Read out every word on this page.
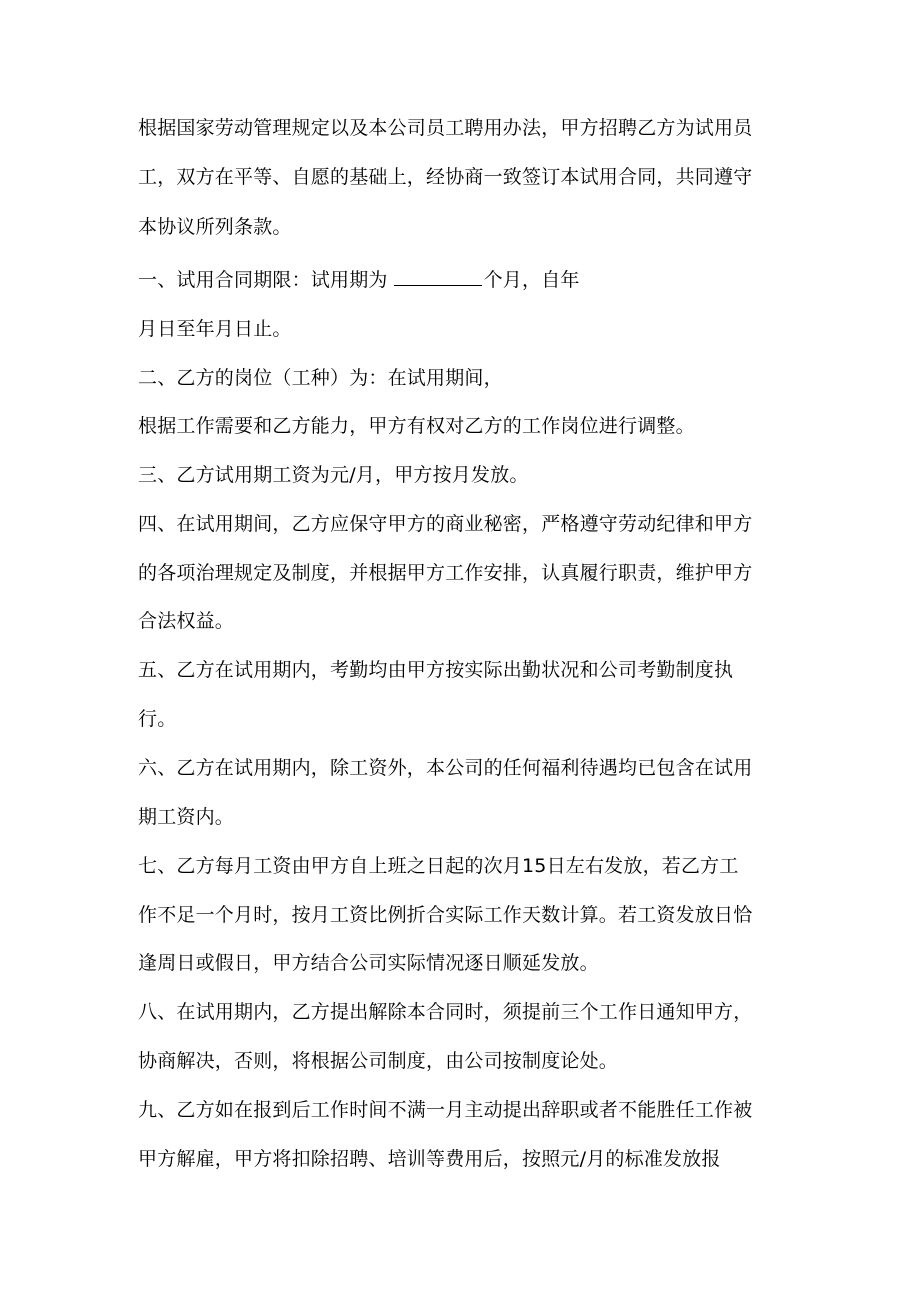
根据国家劳动管理规定以及本公司员工聘用办法，甲方招聘乙方为试用员
工，双方在平等、自愿的基础上，经协商一致签订本试用合同，共同遵守
本协议所列条款。
一、试用合同期限：试用期为	个月，自年
月日至年月日止。
二、乙方的岗位（工种）为：在试用期间，
根据工作需要和乙方能力，甲方有权对乙方的工作岗位进行调整。
三、乙方试用期工资为元/月，甲方按月发放。
四、在试用期间，乙方应保守甲方的商业秘密，严格遵守劳动纪律和甲方
的各项治理规定及制度，并根据甲方工作安排，认真履行职责，维护甲方
合法权益。
五、乙方在试用期内，考勤均由甲方按实际出勤状况和公司考勤制度执
行。
六、乙方在试用期内，除工资外，本公司的任何福利待遇均已包含在试用
期工资内。
七、乙方每月工资由甲方自上班之日起的次月15日左右发放，若乙方工
作不足一个月时，按月工资比例折合实际工作天数计算。若工资发放日恰
逢周日或假日，甲方结合公司实际情况逐日顺延发放。
八、在试用期内，乙方提出解除本合同时，须提前三个工作日通知甲方，
协商解决，否则，将根据公司制度，由公司按制度论处。
九、乙方如在报到后工作时间不满一月主动提出辞职或者不能胜任工作被
甲方解雇，甲方将扣除招聘、培训等费用后，按照元/月的标准发放报
